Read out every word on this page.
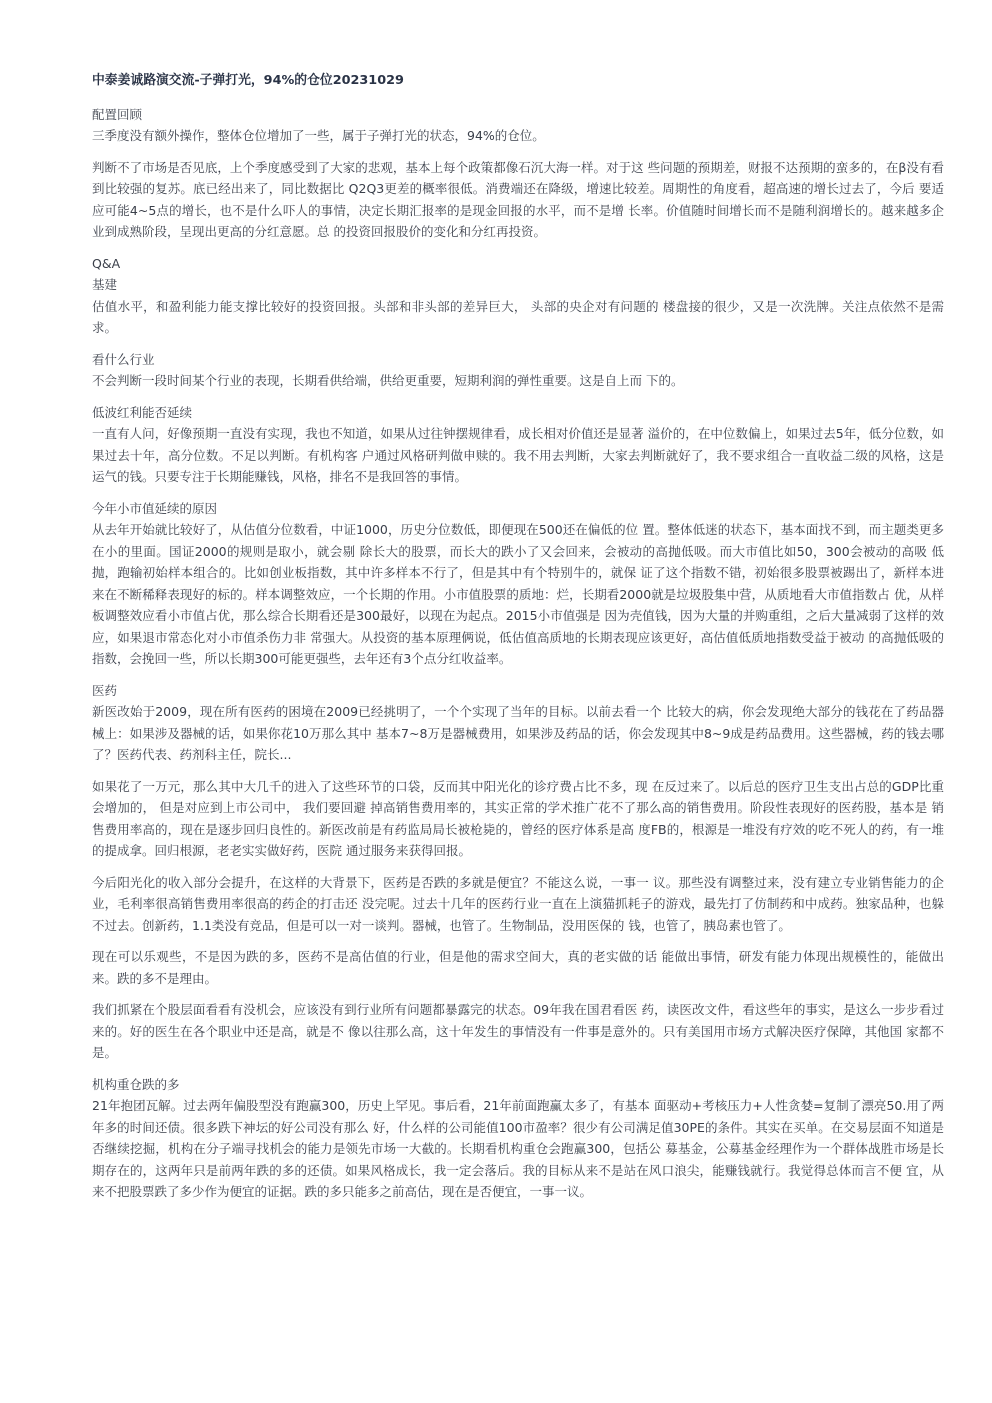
中泰姜诚路演交流-子弹打光，94%的仓位20231029
配置回顾
三季度没有额外操作，整体仓位增加了一些，属于子弹打光的状态，94%的仓位。
判断不了市场是否见底，上个季度感受到了大家的悲观，基本上每个政策都像石沉大海一样。对于这 些问题的预期差，财报不达预期的蛮多的，在β没有看到比较强的复苏。底已经出来了，同比数据比 Q2Q3更差的概率很低。消费端还在降级，增速比较差。周期性的角度看，超高速的增长过去了，今后 要适应可能4~5点的增长，也不是什么吓人的事情，决定长期汇报率的是现金回报的水平，而不是增 长率。价值随时间增长而不是随利润增长的。越来越多企业到成熟阶段，呈现出更高的分红意愿。总 的投资回报股价的变化和分红再投资。
Q&A
基建
估值水平，和盈利能力能支撑比较好的投资回报。头部和非头部的差异巨大， 头部的央企对有问题的 楼盘接的很少，又是一次洗牌。关注点依然不是需求。
看什么行业
不会判断一段时间某个行业的表现，长期看供给端，供给更重要，短期利润的弹性重要。这是自上而 下的。
低波红利能否延续
一直有人问，好像预期一直没有实现，我也不知道，如果从过往钟摆规律看，成长相对价值还是显著 溢价的，在中位数偏上，如果过去5年，低分位数，如果过去十年，高分位数。不足以判断。有机构客 户通过风格研判做申赎的。我不用去判断，大家去判断就好了，我不要求组合一直收益二级的风格，这是运气的钱。只要专注于长期能赚钱，风格，排名不是我回答的事情。
今年小市值延续的原因
从去年开始就比较好了，从估值分位数看，中证1000，历史分位数低，即便现在500还在偏低的位 置。整体低迷的状态下，基本面找不到，而主题类更多在小的里面。国证2000的规则是取小，就会剔 除长大的股票，而长大的跌小了又会回来，会被动的高抛低吸。而大市值比如50，300会被动的高吸 低抛，跑输初始样本组合的。比如创业板指数，其中许多样本不行了，但是其中有个特别牛的，就保 证了这个指数不错，初始很多股票被踢出了，新样本进来在不断稀释表现好的标的。样本调整效应，一个长期的作用。小市值股票的质地：烂，长期看2000就是垃圾股集中营，从质地看大市值指数占 优，从样板调整效应看小市值占优，那么综合长期看还是300最好，以现在为起点。2015小市值强是 因为壳值钱，因为大量的并购重组，之后大量减弱了这样的效应，如果退市常态化对小市值杀伤力非 常强大。从投资的基本原理俩说，低估值高质地的长期表现应该更好，高估值低质地指数受益于被动 的高抛低吸的指数，会挽回一些，所以长期300可能更强些，去年还有3个点分红收益率。
医药
新医改始于2009，现在所有医药的困境在2009已经挑明了，一个个实现了当年的目标。以前去看一个 比较大的病，你会发现绝大部分的钱花在了药品器械上：如果涉及器械的话，如果你花10万那么其中 基本7~8万是器械费用，如果涉及药品的话，你会发现其中8~9成是药品费用。这些器械，药的钱去哪 了？医药代表、药剂科主任，院长...
如果花了一万元，那么其中大几千的进入了这些环节的口袋，反而其中阳光化的诊疗费占比不多，现 在反过来了。以后总的医疗卫生支出占总的GDP比重会增加的， 但是对应到上市公司中， 我们要回避 掉高销售费用率的，其实正常的学术推广花不了那么高的销售费用。阶段性表现好的医药股，基本是 销售费用率高的，现在是逐步回归良性的。新医改前是有药监局局长被枪毙的，曾经的医疗体系是高 度FB的，根源是一堆没有疗效的吃不死人的药，有一堆的提成拿。回归根源，老老实实做好药，医院 通过服务来获得回报。
今后阳光化的收入部分会提升，在这样的大背景下，医药是否跌的多就是便宜？不能这么说，一事一 议。那些没有调整过来，没有建立专业销售能力的企业，毛利率很高销售费用率很高的药企的打击还 没完呢。过去十几年的医药行业一直在上演猫抓耗子的游戏，最先打了仿制药和中成药。独家品种，也躲不过去。创新药，1.1类没有竞品，但是可以一对一谈判。器械，也管了。生物制品，没用医保的 钱，也管了，胰岛素也管了。
现在可以乐观些，不是因为跌的多，医药不是高估值的行业，但是他的需求空间大，真的老实做的话 能做出事情，研发有能力体现出规模性的，能做出来。跌的多不是理由。
我们抓紧在个股层面看看有没机会，应该没有到行业所有问题都暴露完的状态。09年我在国君看医 药，读医改文件，看这些年的事实，是这么一步步看过来的。好的医生在各个职业中还是高，就是不 像以往那么高，这十年发生的事情没有一件事是意外的。只有美国用市场方式解决医疗保障，其他国 家都不是。
机构重仓跌的多
21年抱团瓦解。过去两年偏股型没有跑赢300，历史上罕见。事后看，21年前面跑赢太多了，有基本 面驱动+考核压力+人性贪婪=复制了漂亮50.用了两年多的时间还债。很多跌下神坛的好公司没有那么 好，什么样的公司能值100市盈率？很少有公司满足值30PE的条件。其实在买单。在交易层面不知道是 否继续挖掘，机构在分子端寻找机会的能力是领先市场一大截的。长期看机构重仓会跑赢300，包括公 募基金，公募基金经理作为一个群体战胜市场是长期存在的，这两年只是前两年跌的多的还债。如果风格成长，我一定会落后。我的目标从来不是站在风口浪尖，能赚钱就行。我觉得总体而言不便 宜，从来不把股票跌了多少作为便宜的证据。跌的多只能多之前高估，现在是否便宜，一事一议。
